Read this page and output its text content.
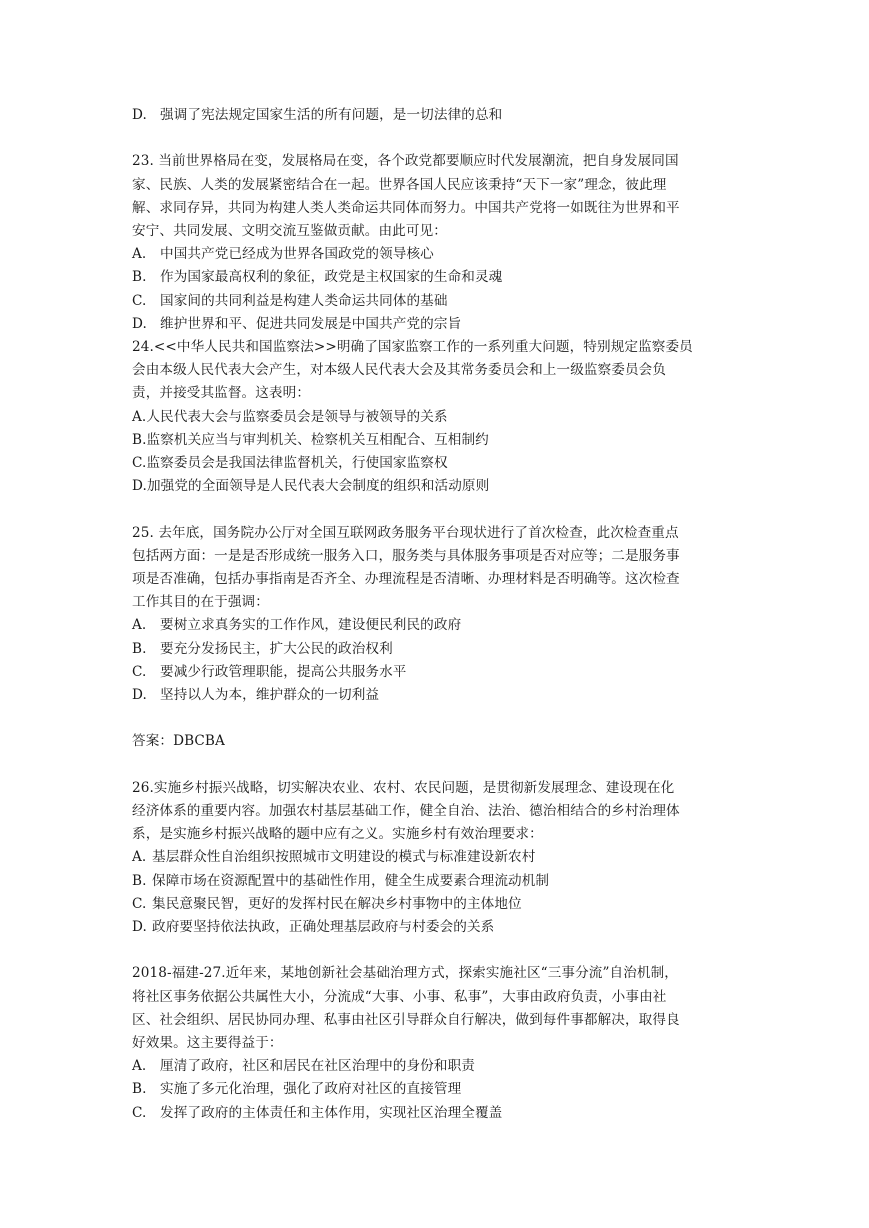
D. 强调了宪法规定国家生活的所有问题，是一切法律的总和
23. 当前世界格局在变，发展格局在变，各个政党都要顺应时代发展潮流，把自身发展同国
家、民族、人类的发展紧密结合在一起。世界各国人民应该秉持“天下一家”理念，彼此理
解、求同存异，共同为构建人类人类命运共同体而努力。中国共产党将一如既往为世界和平
安宁、共同发展、文明交流互鉴做贡献。由此可见：
A.	中国共产党已经成为世界各国政党的领导核心
B. 作为国家最高权利的象征，政党是主权国家的生命和灵魂
C. 国家间的共同利益是构建人类命运共同体的基础
D. 维护世界和平、促进共同发展是中国共产党的宗旨
24.<<中华人民共和国监察法>>明确了国家监察工作的一系列重大问题，特别规定监察委员
会由本级人民代表大会产生，对本级人民代表大会及其常务委员会和上一级监察委员会负
责，并接受其监督。这表明：
A. 人民代表大会与监察委员会是领导与被领导的关系
B. 监察机关应当与审判机关、检察机关互相配合、互相制约
C. 监察委员会是我国法律监督机关，行使国家监察权
D. 加强党的全面领导是人民代表大会制度的组织和活动原则
25. 去年底，国务院办公厅对全国互联网政务服务平台现状进行了首次检查，此次检查重点
包括两方面：一是是否形成统一服务入口，服务类与具体服务事项是否对应等；二是服务事
项是否准确，包括办事指南是否齐全、办理流程是否清晰、办理材料是否明确等。这次检查
工作其目的在于强调：
A.	要树立求真务实的工作作风，建设便民利民的政府
B. 要充分发扬民主，扩大公民的政治权利
C. 要减少行政管理职能，提高公共服务水平
D. 坚持以人为本，维护群众的一切利益
答案：DBCBA
26.实施乡村振兴战略，切实解决农业、农村、农民问题，是贯彻新发展理念、建设现在化
经济体系的重要内容。加强农村基层基础工作，健全自治、法治、德治相结合的乡村治理体
系，是实施乡村振兴战略的题中应有之义。实施乡村有效治理要求：
A. 基层群众性自治组织按照城市文明建设的模式与标准建设新农村
B. 保障市场在资源配置中的基础性作用，健全生成要素合理流动机制
C. 集民意聚民智，更好的发挥村民在解决乡村事物中的主体地位
D. 政府要坚持依法执政，正确处理基层政府与村委会的关系
2018-福建-27.近年来，某地创新社会基础治理方式，探索实施社区“三事分流”自治机制，
将社区事务依据公共属性大小，分流成“大事、小事、私事”，大事由政府负责，小事由社
区、社会组织、居民协同办理、私事由社区引导群众自行解决，做到每件事都解决，取得良
好效果。这主要得益于：
A.	厘清了政府，社区和居民在社区治理中的身份和职责
B. 实施了多元化治理，强化了政府对社区的直接管理
C. 发挥了政府的主体责任和主体作用，实现社区治理全覆盖
